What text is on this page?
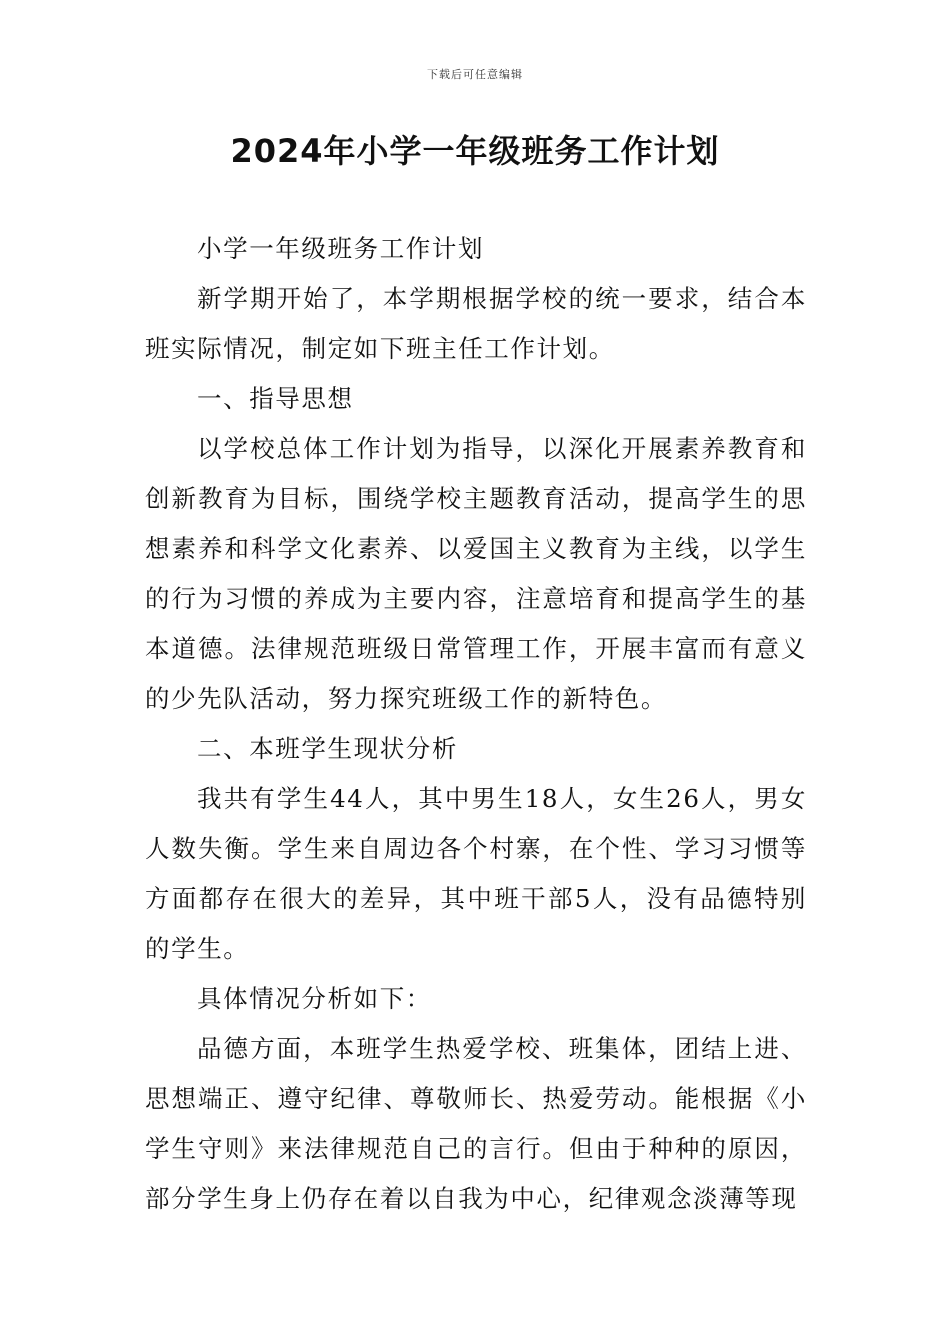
下载后可任意编辑
2024年小学一年级班务工作计划

小学一年级班务工作计划

新学期开始了，本学期根据学校的统一要求，结合本班实际情况，制定如下班主任工作计划。

一、指导思想

以学校总体工作计划为指导，以深化开展素养教育和创新教育为目标，围绕学校主题教育活动，提高学生的思想素养和科学文化素养、以爱国主义教育为主线，以学生的行为习惯的养成为主要内容，注意培育和提高学生的基本道德。法律规范班级日常管理工作，开展丰富而有意义的少先队活动，努力探究班级工作的新特色。

二、本班学生现状分析

我共有学生44人，其中男生18人，女生26人，男女人数失衡。学生来自周边各个村寨，在个性、学习习惯等方面都存在很大的差异，其中班干部5人，没有品德特别的学生。

具体情况分析如下：

品德方面，本班学生热爱学校、班集体，团结上进、思想端正、遵守纪律、尊敬师长、热爱劳动。能根据《小学生守则》来法律规范自己的言行。但由于种种的原因，部分学生身上仍存在着以自我为中心，纪律观念淡薄等现
